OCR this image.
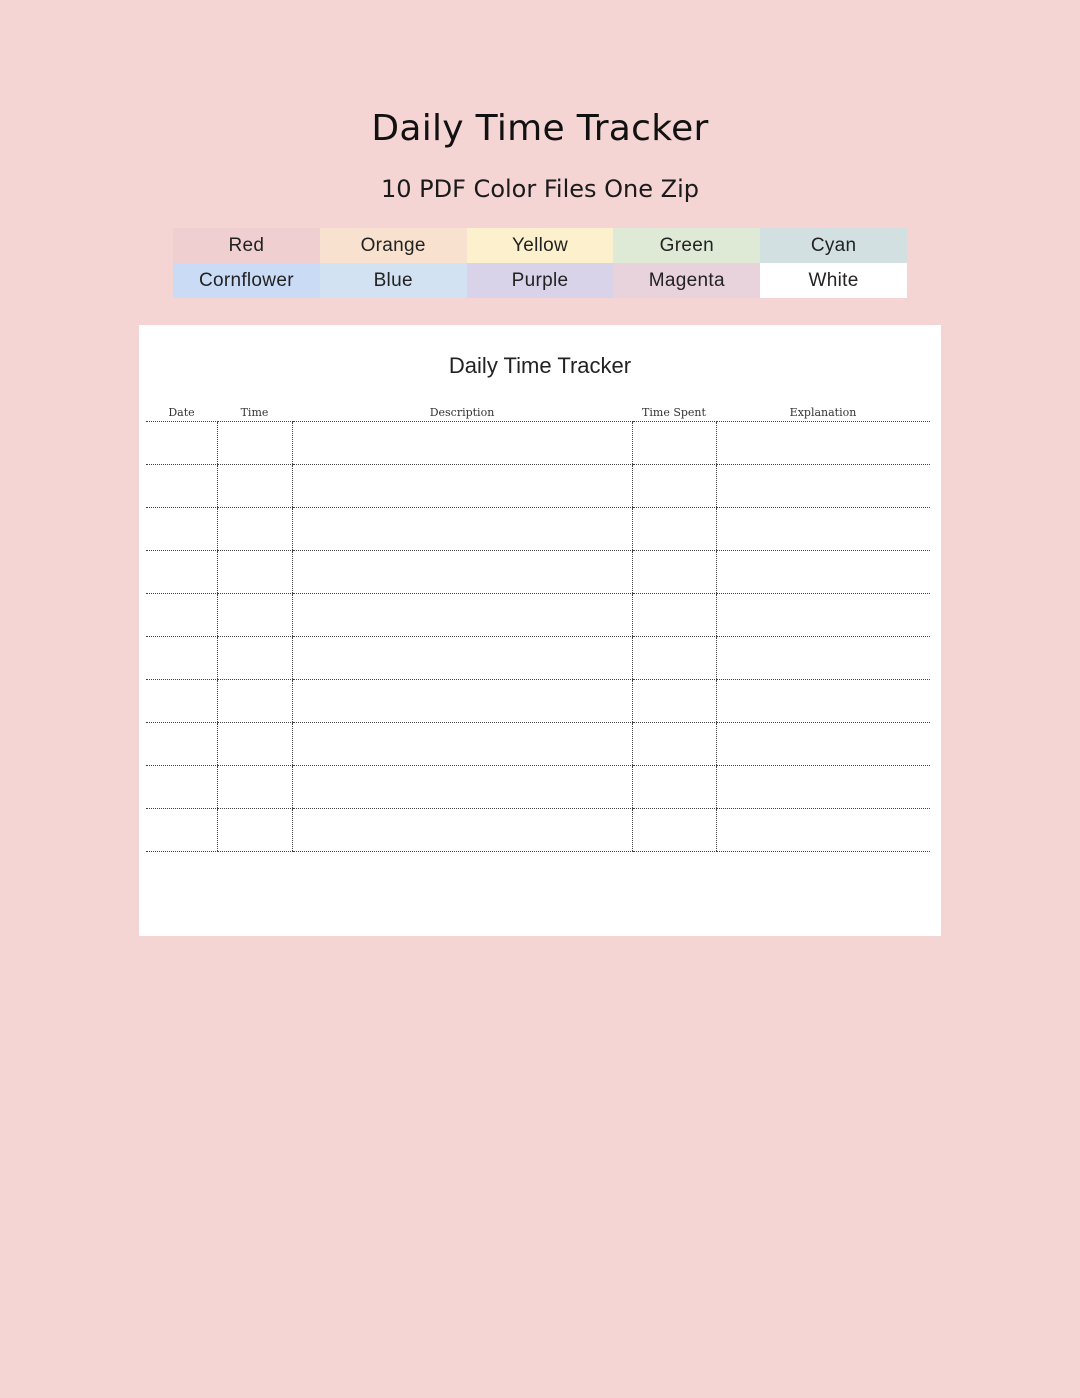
Daily Time Tracker
10 PDF Color Files One Zip
Red	Orange	Yellow	Green	Cyan
Cornflower	Blue	Purple	Magenta	White
Daily Time Tracker
Date	Time	Description	Time Spent	Explanation
